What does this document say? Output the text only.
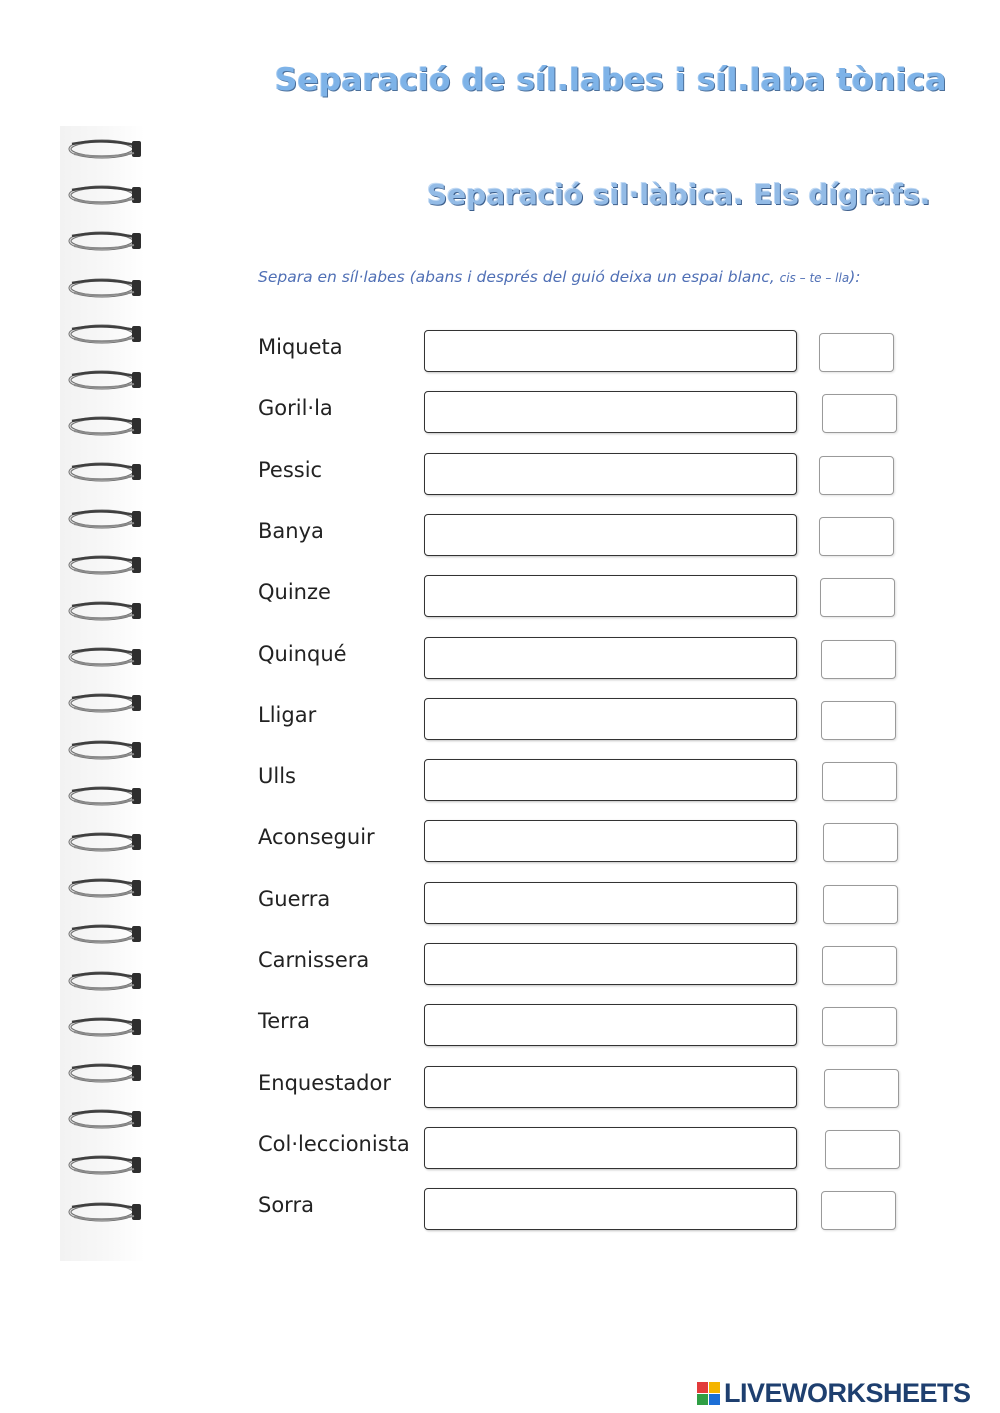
Separació de síl.labes i síl.laba tònica
Separació sil·làbica. Els dígrafs.
Separa en síl·labes (abans i després del guió deixa un espai blanc, cis – te – lla):
Miqueta
Goril·la
Pessic
Banya
Quinze
Quinqué
Lligar
Ulls
Aconseguir
Guerra
Carnissera
Terra
Enquestador
Col·leccionista
Sorra
LIVEWORKSHEETS
